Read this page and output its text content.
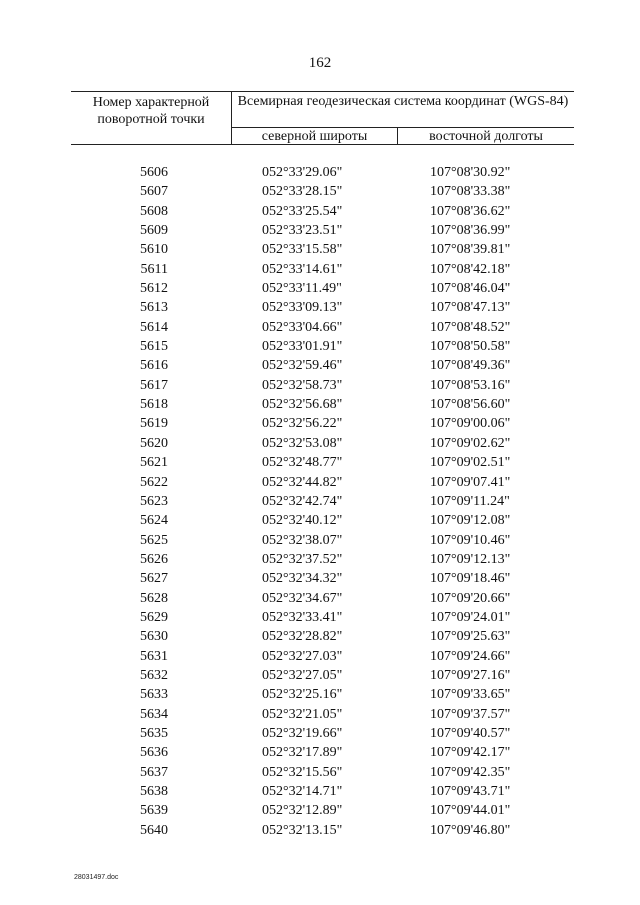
162
Номер характерной поворотной точки
Всемирная геодезическая система координат (WGS-84)
северной широты	восточной долготы
5606	052°33'29.06"	107°08'30.92"
5607	052°33'28.15"	107°08'33.38"
5608	052°33'25.54"	107°08'36.62"
5609	052°33'23.51"	107°08'36.99"
5610	052°33'15.58"	107°08'39.81"
5611	052°33'14.61"	107°08'42.18"
5612	052°33'11.49"	107°08'46.04"
5613	052°33'09.13"	107°08'47.13"
5614	052°33'04.66"	107°08'48.52"
5615	052°33'01.91"	107°08'50.58"
5616	052°32'59.46"	107°08'49.36"
5617	052°32'58.73"	107°08'53.16"
5618	052°32'56.68"	107°08'56.60"
5619	052°32'56.22"	107°09'00.06"
5620	052°32'53.08"	107°09'02.62"
5621	052°32'48.77"	107°09'02.51"
5622	052°32'44.82"	107°09'07.41"
5623	052°32'42.74"	107°09'11.24"
5624	052°32'40.12"	107°09'12.08"
5625	052°32'38.07"	107°09'10.46"
5626	052°32'37.52"	107°09'12.13"
5627	052°32'34.32"	107°09'18.46"
5628	052°32'34.67"	107°09'20.66"
5629	052°32'33.41"	107°09'24.01"
5630	052°32'28.82"	107°09'25.63"
5631	052°32'27.03"	107°09'24.66"
5632	052°32'27.05"	107°09'27.16"
5633	052°32'25.16"	107°09'33.65"
5634	052°32'21.05"	107°09'37.57"
5635	052°32'19.66"	107°09'40.57"
5636	052°32'17.89"	107°09'42.17"
5637	052°32'15.56"	107°09'42.35"
5638	052°32'14.71"	107°09'43.71"
5639	052°32'12.89"	107°09'44.01"
5640	052°32'13.15"	107°09'46.80"
28031497.doc
